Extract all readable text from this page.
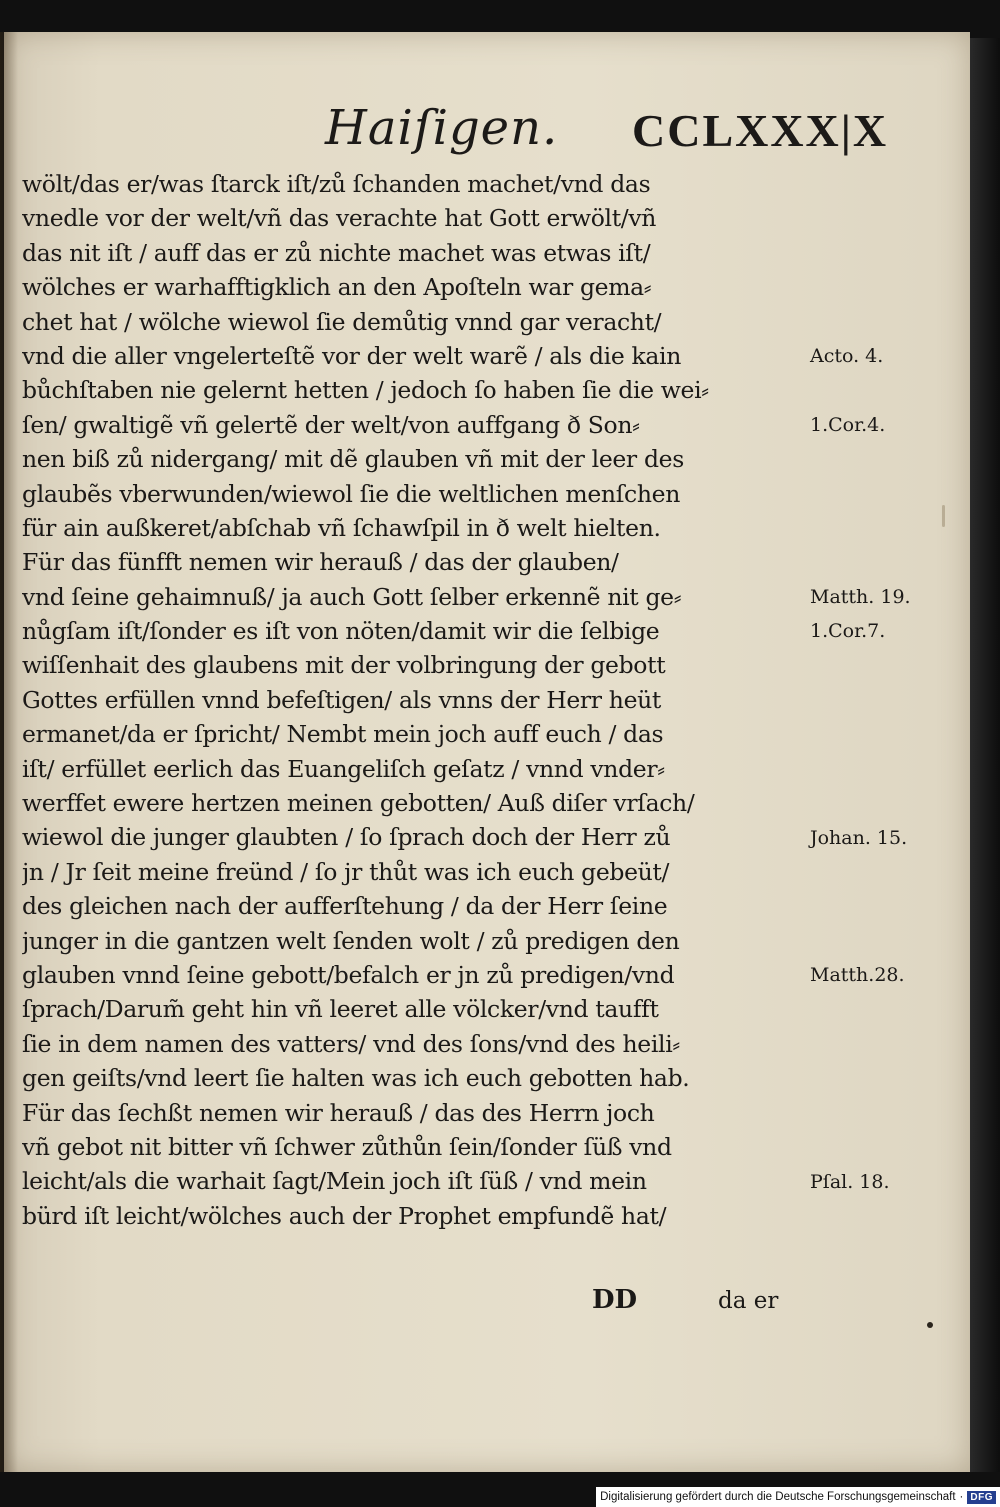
Haiſigen. CCLXXX|X
wölt/das er/was ſtarck iſt/zů ſchanden machet/vnd das
vnedle vor der welt/vñ das verachte hat Gott erwölt/vñ
das nit iſt / auff das er zů nichte machet was etwas iſt/
wölches er warhafftigklich an den Apoſteln war gema⸗
chet hat / wölche wiewol ſie demůtig vnnd gar veracht/
vnd die aller vngelerteſtẽ vor der welt warẽ / als die kain
bůchſtaben nie gelernt hetten / jedoch ſo haben ſie die wei⸗
ſen/ gwaltigẽ vñ gelertẽ der welt/von auffgang ð Son⸗
nen biß zů nidergang/ mit dẽ glauben vñ mit der leer des
glaubẽs vberwunden/wiewol ſie die weltlichen menſchen
für ain außkeret/abſchab vñ ſchawſpil in ð welt hielten.
Für das fünfft nemen wir herauß / das der glauben/
vnd ſeine gehaimnuß/ ja auch Gott ſelber erkennẽ nit ge⸗
nůgſam iſt/ſonder es iſt von nöten/damit wir die ſelbige
wiſſenhait des glaubens mit der volbringung der gebott
Gottes erfüllen vnnd befeſtigen/ als vnns der Herr heüt
ermanet/da er ſpricht/ Nembt mein joch auff euch / das
iſt/ erfüllet eerlich das Euangeliſch geſatz / vnnd vnder⸗
werffet ewere hertzen meinen gebotten/ Auß diſer vrſach/
wiewol die junger glaubten / ſo ſprach doch der Herr zů
jn / Jr ſeit meine freünd / ſo jr thůt was ich euch gebeüt/
des gleichen nach der aufferſtehung / da der Herr ſeine
junger in die gantzen welt ſenden wolt / zů predigen den
glauben vnnd ſeine gebott/befalch er jn zů predigen/vnd
ſprach/Darum̃ geht hin vñ leeret alle völcker/vnd taufft
ſie in dem namen des vatters/ vnd des ſons/vnd des heili⸗
gen geiſts/vnd leert ſie halten was ich euch gebotten hab.
Für das ſechßt nemen wir herauß / das des Herrn joch
vñ gebot nit bitter vñ ſchwer zůthůn ſein/ſonder ſüß vnd
leicht/als die warhait ſagt/Mein joch iſt ſüß / vnd mein
bürd iſt leicht/wölches auch der Prophet empfundẽ hat/
Acto. 4.
1.Cor.4.
Matth. 19.
1.Cor.7.
Johan. 15.
Matth.28.
Pſal. 18.
DD	da er
Digitalisierung gefördert durch die Deutsche Forschungsgemeinschaft · DFG
